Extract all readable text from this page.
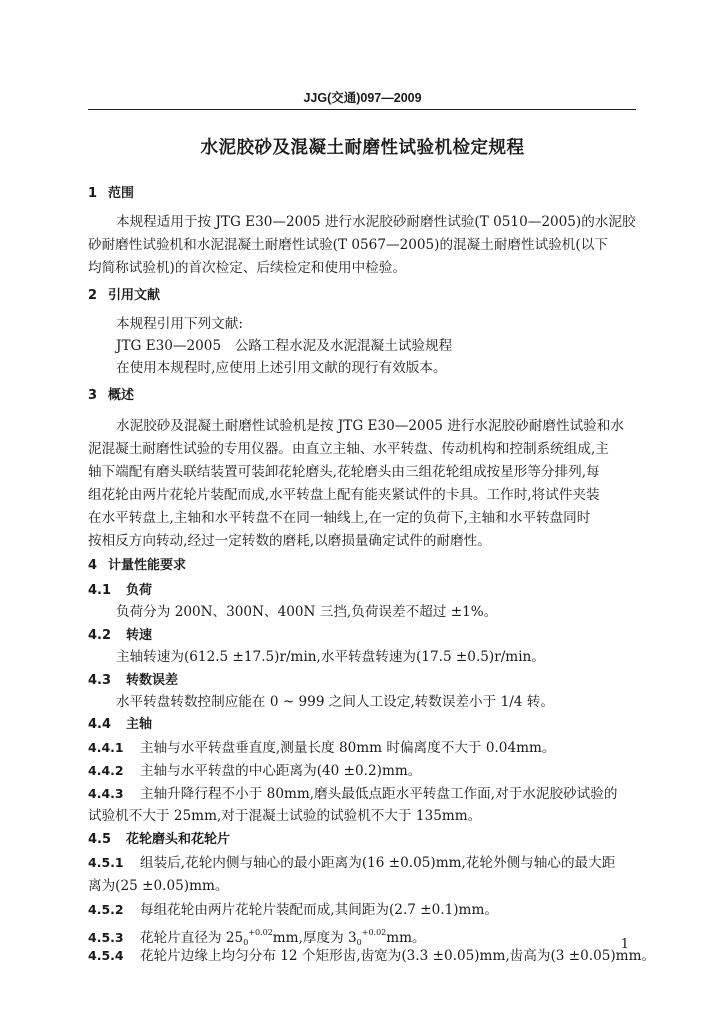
JJG(交通)097—2009
水泥胶砂及混凝土耐磨性试验机检定规程
1 范围
本规程适用于按 JTG E30—2005 进行水泥胶砂耐磨性试验(T 0510—2005)的水泥胶
砂耐磨性试验机和水泥混凝土耐磨性试验(T 0567—2005)的混凝土耐磨性试验机(以下
均简称试验机)的首次检定、后续检定和使用中检验。
2 引用文献
本规程引用下列文献:
JTG E30—2005　公路工程水泥及水泥混凝土试验规程
在使用本规程时,应使用上述引用文献的现行有效版本。
3 概述
水泥胶砂及混凝土耐磨性试验机是按 JTG E30—2005 进行水泥胶砂耐磨性试验和水
泥混凝土耐磨性试验的专用仪器。由直立主轴、水平转盘、传动机构和控制系统组成,主
轴下端配有磨头联结装置可装卸花轮磨头,花轮磨头由三组花轮组成按星形等分排列,每
组花轮由两片花轮片装配而成,水平转盘上配有能夹紧试件的卡具。工作时,将试件夹装
在水平转盘上,主轴和水平转盘不在同一轴线上,在一定的负荷下,主轴和水平转盘同时
按相反方向转动,经过一定转数的磨耗,以磨损量确定试件的耐磨性。
4 计量性能要求
4.1 负荷
负荷分为 200N、300N、400N 三挡,负荷误差不超过 ±1%。
4.2 转速
主轴转速为(612.5 ±17.5)r/min,水平转盘转速为(17.5 ±0.5)r/min。
4.3 转数误差
水平转盘转数控制应能在 0 ~ 999 之间人工设定,转数误差小于 1/4 转。
4.4 主轴
4.4.1 主轴与水平转盘垂直度,测量长度 80mm 时偏离度不大于 0.04mm。
4.4.2 主轴与水平转盘的中心距离为(40 ±0.2)mm。
4.4.3 主轴升降行程不小于 80mm,磨头最低点距水平转盘工作面,对于水泥胶砂试验的
试验机不大于 25mm,对于混凝土试验的试验机不大于 135mm。
4.5 花轮磨头和花轮片
4.5.1 组装后,花轮内侧与轴心的最小距离为(16 ±0.05)mm,花轮外侧与轴心的最大距
离为(25 ±0.05)mm。
4.5.2 每组花轮由两片花轮片装配而成,其间距为(2.7 ±0.1)mm。
4.5.3 花轮片直径为 $25_0^{+0.02}mm$,厚度为 $3_0^{+0.02}mm$。
4.5.4 花轮片边缘上均匀分布 12 个矩形齿,齿宽为(3.3 ±0.05)mm,齿高为(3 ±0.05)mm。
1
